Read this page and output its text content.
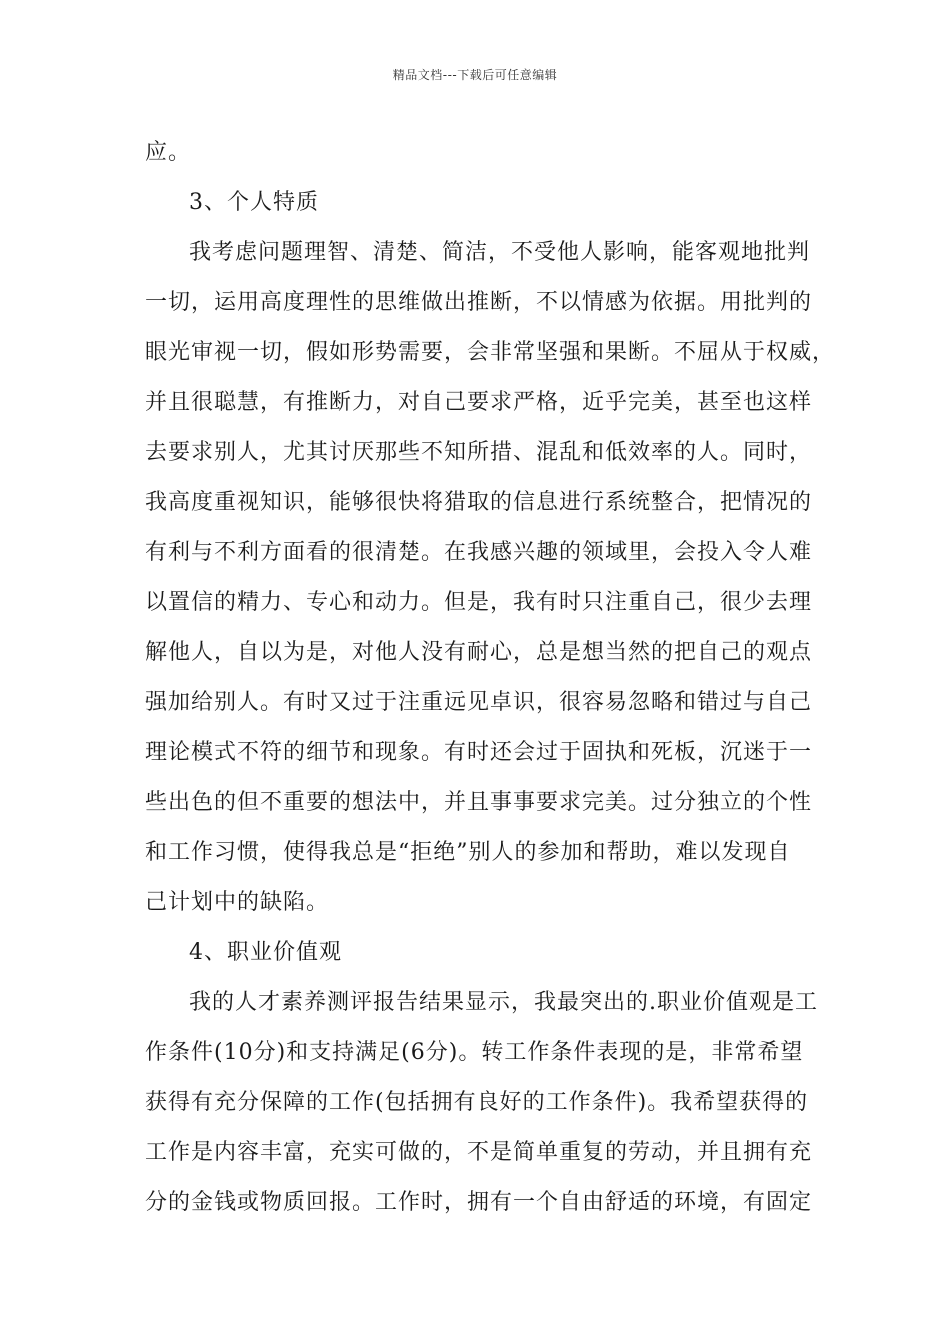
精品文档---下载后可任意编辑
应。
3、个人特质
我考虑问题理智、清楚、简洁，不受他人影响，能客观地批判
一切，运用高度理性的思维做出推断，不以情感为依据。用批判的
眼光审视一切，假如形势需要，会非常坚强和果断。不屈从于权威，
并且很聪慧，有推断力，对自己要求严格，近乎完美，甚至也这样
去要求别人，尤其讨厌那些不知所措、混乱和低效率的人。同时，
我高度重视知识，能够很快将猎取的信息进行系统整合，把情况的
有利与不利方面看的很清楚。在我感兴趣的领域里，会投入令人难
以置信的精力、专心和动力。但是，我有时只注重自己，很少去理
解他人，自以为是，对他人没有耐心，总是想当然的把自己的观点
强加给别人。有时又过于注重远见卓识，很容易忽略和错过与自己
理论模式不符的细节和现象。有时还会过于固执和死板，沉迷于一
些出色的但不重要的想法中，并且事事要求完美。过分独立的个性
和工作习惯，使得我总是“拒绝”别人的参加和帮助，难以发现自
己计划中的缺陷。
4、职业价值观
我的人才素养测评报告结果显示，我最突出的.职业价值观是工
作条件(10分)和支持满足(6分)。转工作条件表现的是，非常希望
获得有充分保障的工作(包括拥有良好的工作条件)。我希望获得的
工作是内容丰富，充实可做的，不是简单重复的劳动，并且拥有充
分的金钱或物质回报。工作时，拥有一个自由舒适的环境，有固定
